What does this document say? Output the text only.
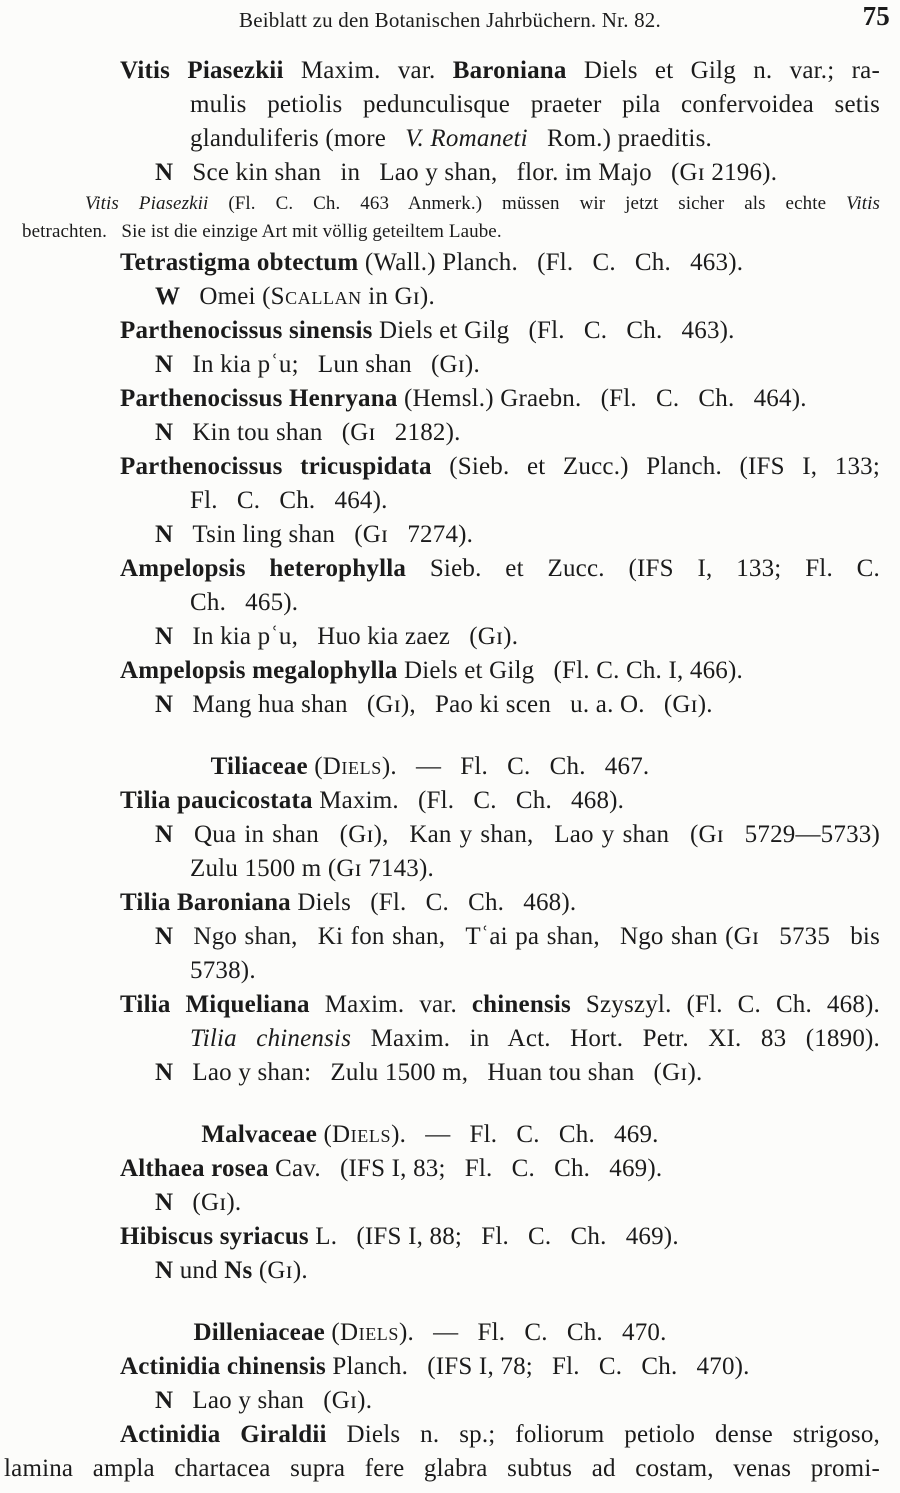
Beiblatt zu den Botanischen Jahrbüchern. Nr. 82.	75
Vitis Piasezkii Maxim. var. Baroniana Diels et Gilg n. var.; ra-
mulis petiolis pedunculisque praeter pila confervoidea setis
glanduliferis (more  V. Romaneti  Rom.) praeditis.
N  Sce kin shan  in  Lao y shan,  flor. im Majo  (Gɪ 2196).
Vitis Piasezkii (Fl. C. Ch. 463 Anmerk.) müssen wir jetzt sicher als echte Vitis
betrachten.  Sie ist die einzige Art mit völlig geteiltem Laube.
Tetrastigma obtectum (Wall.) Planch.  (Fl.  C.  Ch.  463).
W  Omei (Scallan in Gɪ).
Parthenocissus sinensis Diels et Gilg  (Fl.  C.  Ch.  463).
N  In kia pʿu;  Lun shan  (Gɪ).
Parthenocissus Henryana (Hemsl.) Graebn.  (Fl.  C.  Ch.  464).
N  Kin tou shan  (Gɪ  2182).
Parthenocissus tricuspidata (Sieb. et Zucc.) Planch. (IFS I, 133;
Fl.  C.  Ch.  464).
N  Tsin ling shan  (Gɪ  7274).
Ampelopsis heterophylla Sieb. et Zucc. (IFS I, 133; Fl. C.
Ch.  465).
N  In kia pʿu,  Huo kia zaez  (Gɪ).
Ampelopsis megalophylla Diels et Gilg  (Fl. C. Ch. I, 466).
N  Mang hua shan  (Gɪ),  Pao ki scen  u. a. O.  (Gɪ).
Tiliaceae (Diels).  —  Fl.  C.  Ch.  467.
Tilia paucicostata Maxim.  (Fl.  C.  Ch.  468).
N  Qua in shan  (Gɪ),  Kan y shan,  Lao y shan  (Gɪ  5729—5733)
Zulu 1500 m (Gɪ 7143).
Tilia Baroniana Diels  (Fl.  C.  Ch.  468).
N  Ngo shan,  Ki fon shan,  Tʿai pa shan,  Ngo shan (Gɪ  5735  bis
5738).
Tilia Miqueliana Maxim. var. chinensis Szyszyl. (Fl. C. Ch. 468).
Tilia chinensis Maxim. in Act. Hort. Petr. XI. 83 (1890).
N  Lao y shan:  Zulu 1500 m,  Huan tou shan  (Gɪ).
Malvaceae (Diels).  —  Fl.  C.  Ch.  469.
Althaea rosea Cav.  (IFS I, 83;  Fl.  C.  Ch.  469).
N  (Gɪ).
Hibiscus syriacus L.  (IFS I, 88;  Fl.  C.  Ch.  469).
N und Ns (Gɪ).
Dilleniaceae (Diels).  —  Fl.  C.  Ch.  470.
Actinidia chinensis Planch.  (IFS I, 78;  Fl.  C.  Ch.  470).
N  Lao y shan  (Gɪ).
Actinidia Giraldii Diels n. sp.; foliorum petiolo dense strigoso,
lamina ampla chartacea supra fere glabra subtus ad costam, venas promi-
